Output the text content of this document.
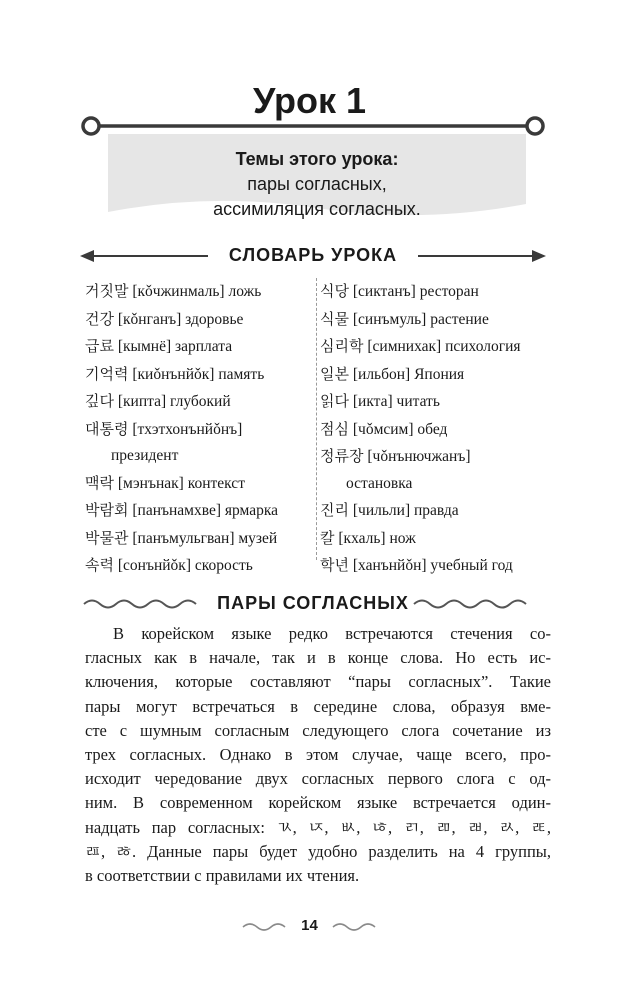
Урок 1
Темы этого урока:
пары согласных,
ассимиляция согласных.
СЛОВАРЬ УРОКА
거짓말 [кǒчжинмаль] ложь
건강 [кǒнганъ] здоровье
급료 [кымнё] зарплата
기억력 [киǒнънйǒк] память
깊다 [кипта] глубокий
대통령 [тхэтхонънйǒнъ]
президент
맥락 [мэнънак] контекст
박람회 [панънамхве] ярмарка
박물관 [панъмульгван] музей
속력 [сонънйǒк] скорость
식당 [сиктанъ] ресторан
식물 [синъмуль] растение
심리학 [симнихак] психология
일본 [ильбон] Япония
읽다 [икта] читать
점심 [чǒмсим] обед
정류장 [чǒнънючжанъ]
остановка
진리 [чильли] правда
칼 [кхаль] нож
학년 [ханънйǒн] учебный год
ПАРЫ СОГЛАСНЫХ
В корейском языке редко встречаются стечения со-
гласных как в начале, так и в конце слова. Но есть ис-
ключения, которые составляют “пары согласных”. Такие
пары могут встречаться в середине слова, образуя вме-
сте с шумным согласным следующего слога сочетание из
трех согласных. Однако в этом случае, чаще всего, про-
исходит чередование двух согласных первого слога с од-
ним. В современном корейском языке встречается один-
надцать пар согласных: ㄳ, ㄵ, ㅄ, ㄶ, ㄺ, ㄻ, ㄼ, ㄽ, ㄾ,
ㄿ, ㅀ. Данные пары будет удобно разделить на 4 группы,
в соответствии с правилами их чтения.
14
